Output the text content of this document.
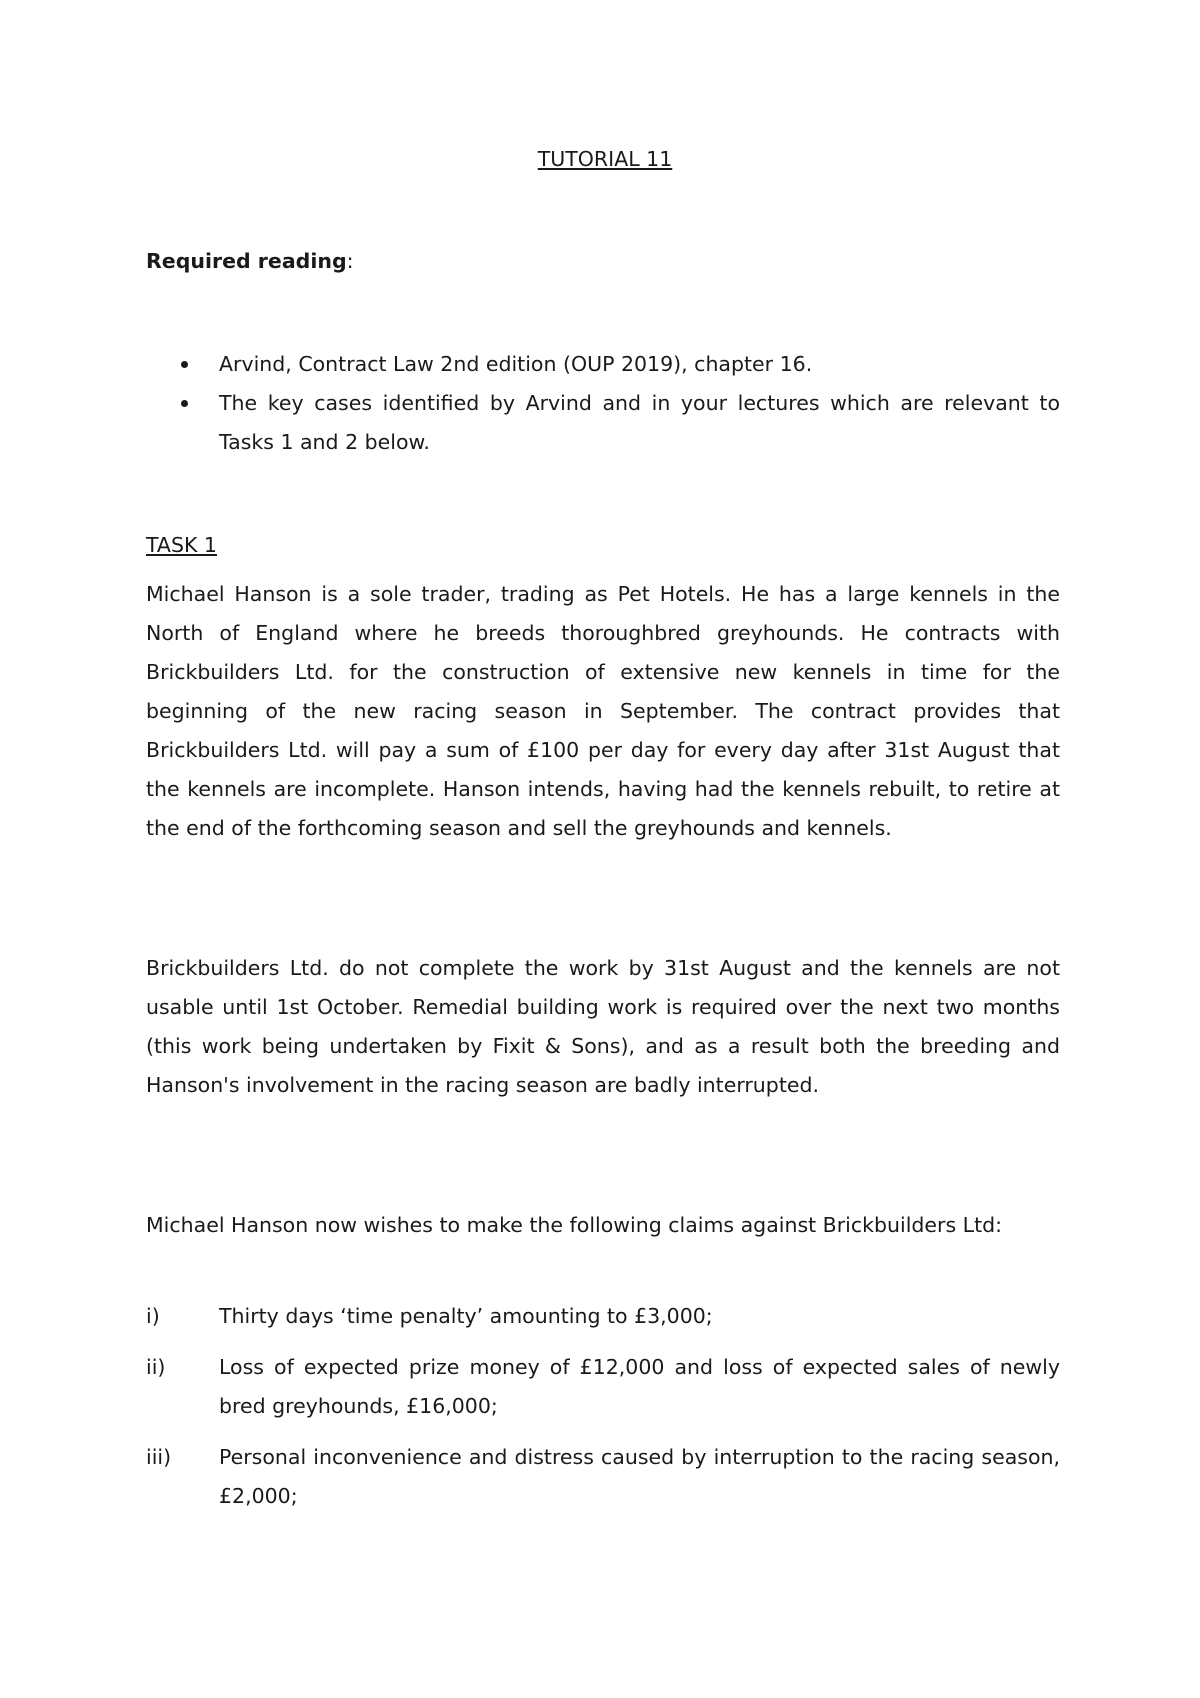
TUTORIAL 11

Required reading:

Arvind, Contract Law 2nd edition (OUP 2019), chapter 16.
The key cases identified by Arvind and in your lectures which are relevant to Tasks 1 and 2 below.

TASK 1

Michael Hanson is a sole trader, trading as Pet Hotels. He has a large kennels in the North of England where he breeds thoroughbred greyhounds. He contracts with Brickbuilders Ltd. for the construction of extensive new kennels in time for the beginning of the new racing season in September. The contract provides that Brickbuilders Ltd. will pay a sum of £100 per day for every day after 31st August that the kennels are incomplete. Hanson intends, having had the kennels rebuilt, to retire at the end of the forthcoming season and sell the greyhounds and kennels.

Brickbuilders Ltd. do not complete the work by 31st August and the kennels are not usable until 1st October. Remedial building work is required over the next two months (this work being undertaken by Fixit & Sons), and as a result both the breeding and Hanson's involvement in the racing season are badly interrupted.

Michael Hanson now wishes to make the following claims against Brickbuilders Ltd:

i)	Thirty days ‘time penalty’ amounting to £3,000;
ii)	Loss of expected prize money of £12,000 and loss of expected sales of newly bred greyhounds, £16,000;
iii) Personal inconvenience and distress caused by interruption to the racing season, £2,000;
